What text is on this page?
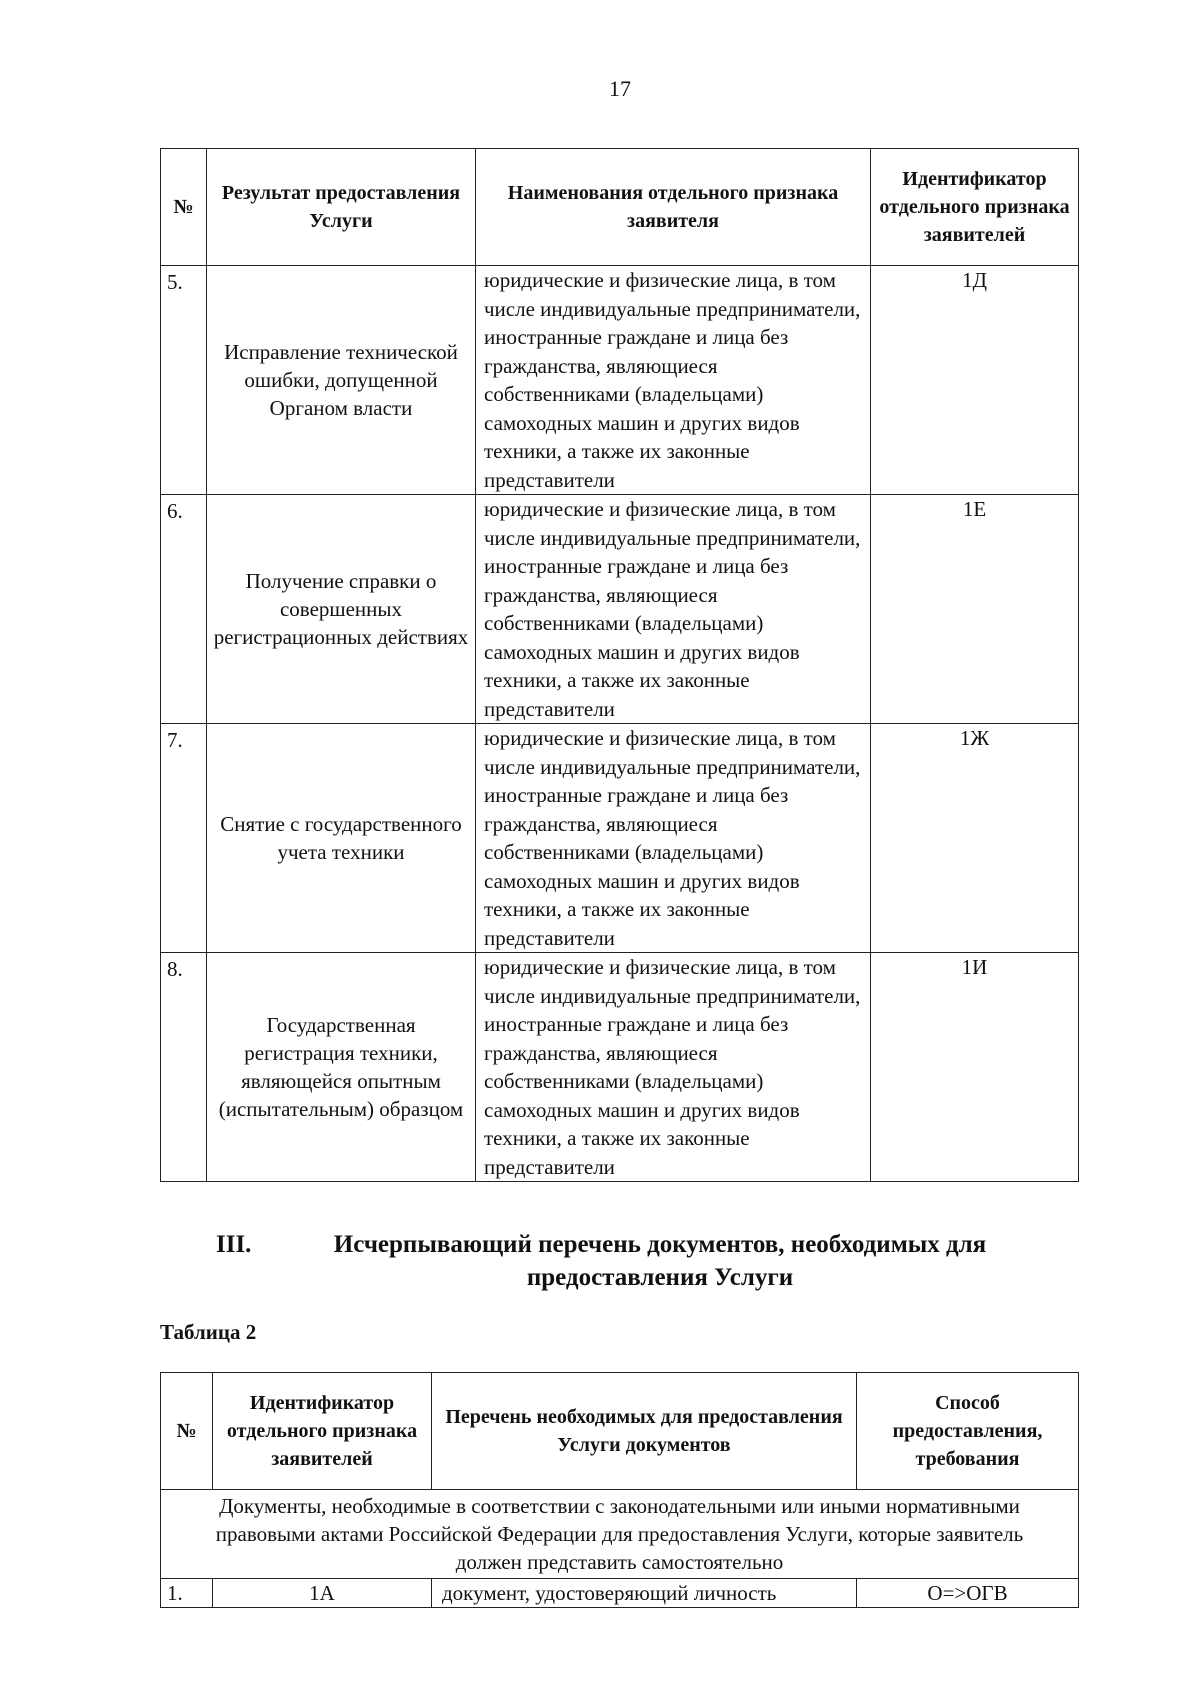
17
№	Результат предоставления Услуги	Наименования отдельного признака заявителя	Идентификатор отдельного признака заявителей
5.	Исправление технической ошибки, допущенной Органом власти	юридические и физические лица, в том числе индивидуальные предприниматели, иностранные граждане и лица без гражданства, являющиеся собственниками (владельцами) самоходных машин и других видов техники, а также их законные представители	1Д
6.	Получение справки о совершенных регистрационных действиях	юридические и физические лица, в том числе индивидуальные предприниматели, иностранные граждане и лица без гражданства, являющиеся собственниками (владельцами) самоходных машин и других видов техники, а также их законные представители	1Е
7.	Снятие с государственного учета техники	юридические и физические лица, в том числе индивидуальные предприниматели, иностранные граждане и лица без гражданства, являющиеся собственниками (владельцами) самоходных машин и других видов техники, а также их законные представители	1Ж
8.	Государственная регистрация техники, являющейся опытным (испытательным) образцом	юридические и физические лица, в том числе индивидуальные предприниматели, иностранные граждане и лица без гражданства, являющиеся собственниками (владельцами) самоходных машин и других видов техники, а также их законные представители	1И
III.	Исчерпывающий перечень документов, необходимых для предоставления Услуги
Таблица 2
№	Идентификатор отдельного признака заявителей	Перечень необходимых для предоставления Услуги документов	Способ предоставления, требования
Документы, необходимые в соответствии с законодательными или иными нормативными правовыми актами Российской Федерации для предоставления Услуги, которые заявитель должен представить самостоятельно			
1.	1А	документ, удостоверяющий личность	О=>ОГВ
